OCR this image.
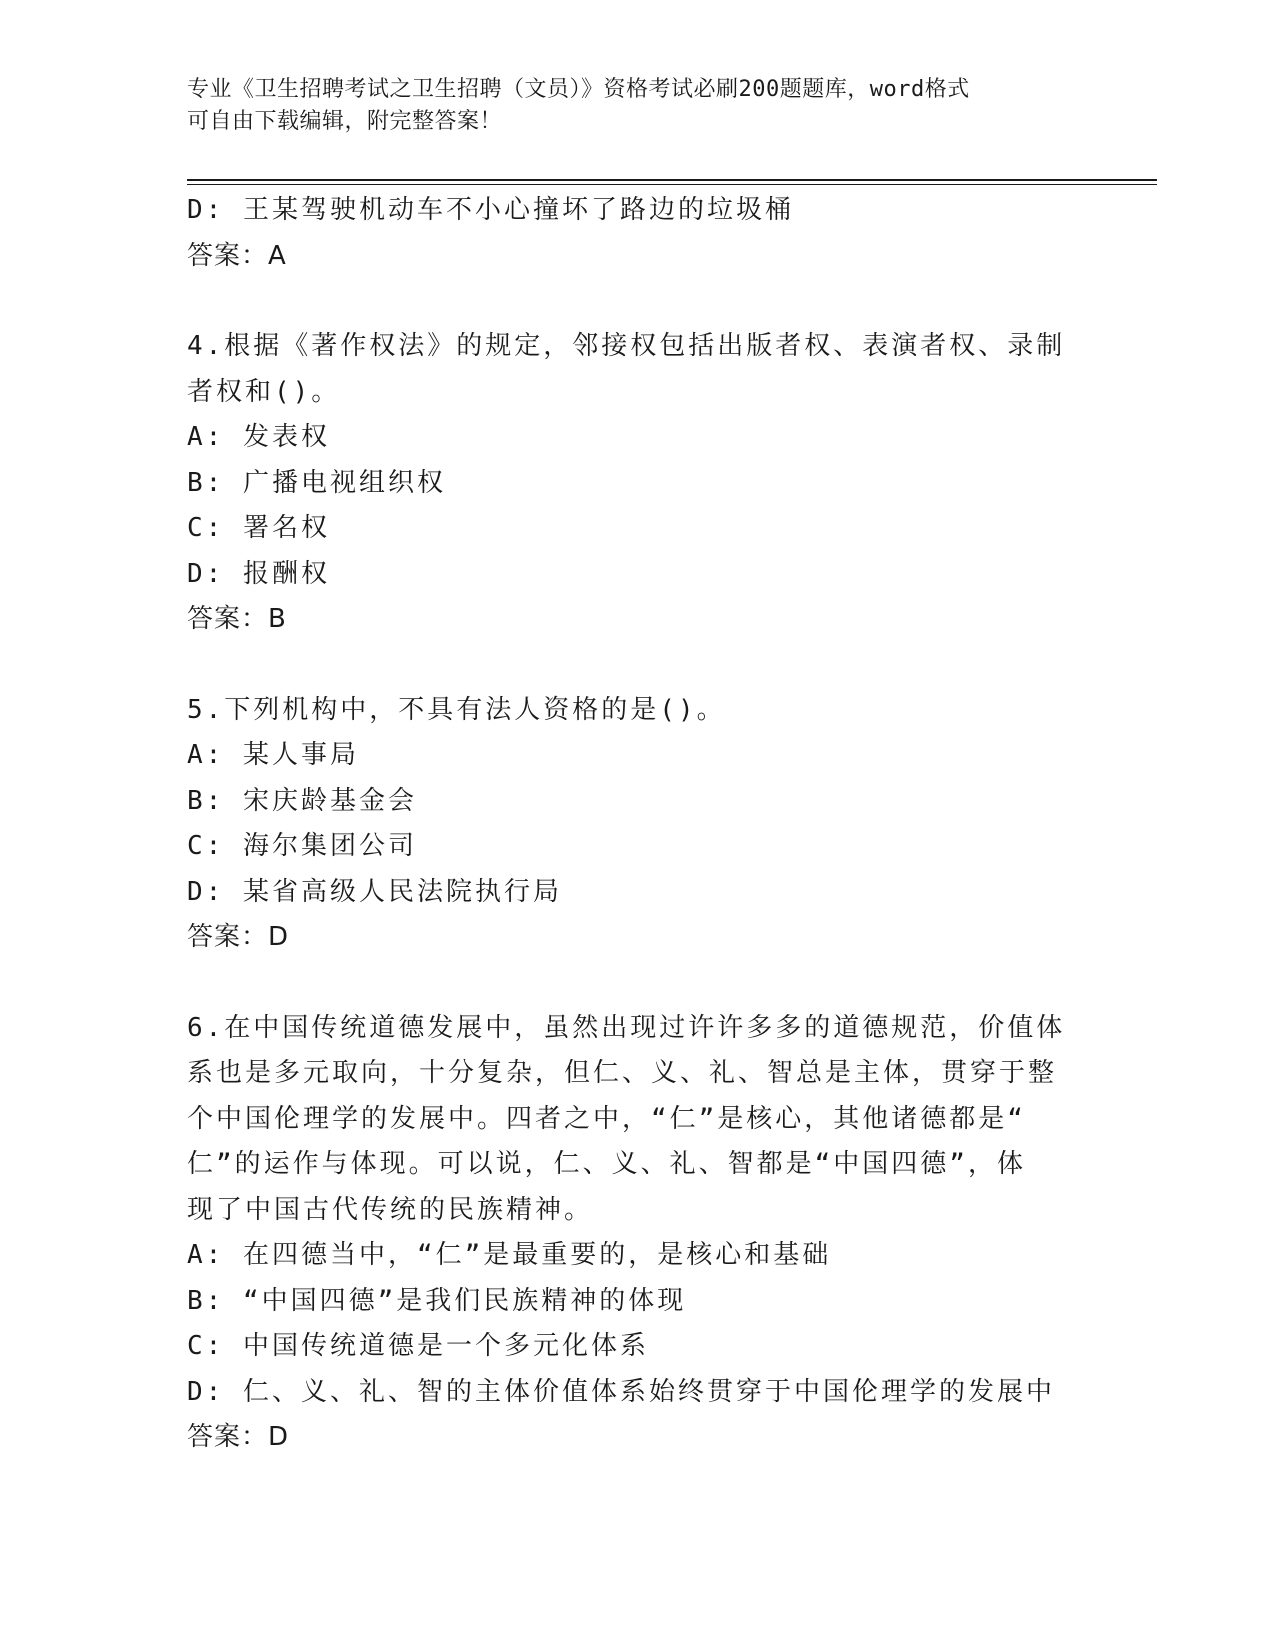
专业《卫生招聘考试之卫生招聘（文员）》资格考试必刷200题题库，word格式
可自由下载编辑，附完整答案！
D: 王某驾驶机动车不小心撞坏了路边的垃圾桶
答案：A
4.根据《著作权法》的规定，邻接权包括出版者权、表演者权、录制
者权和()。
A: 发表权
B: 广播电视组织权
C: 署名权
D: 报酬权
答案：B
5.下列机构中，不具有法人资格的是()。
A: 某人事局
B: 宋庆龄基金会
C: 海尔集团公司
D: 某省高级人民法院执行局
答案：D
6.在中国传统道德发展中，虽然出现过许许多多的道德规范，价值体
系也是多元取向，十分复杂，但仁、义、礼、智总是主体，贯穿于整
个中国伦理学的发展中。四者之中，“仁”是核心，其他诸德都是“
仁”的运作与体现。可以说，仁、义、礼、智都是“中国四德”，体
现了中国古代传统的民族精神。
A: 在四德当中，“仁”是最重要的，是核心和基础
B: “中国四德”是我们民族精神的体现
C: 中国传统道德是一个多元化体系
D: 仁、义、礼、智的主体价值体系始终贯穿于中国伦理学的发展中
答案：D
